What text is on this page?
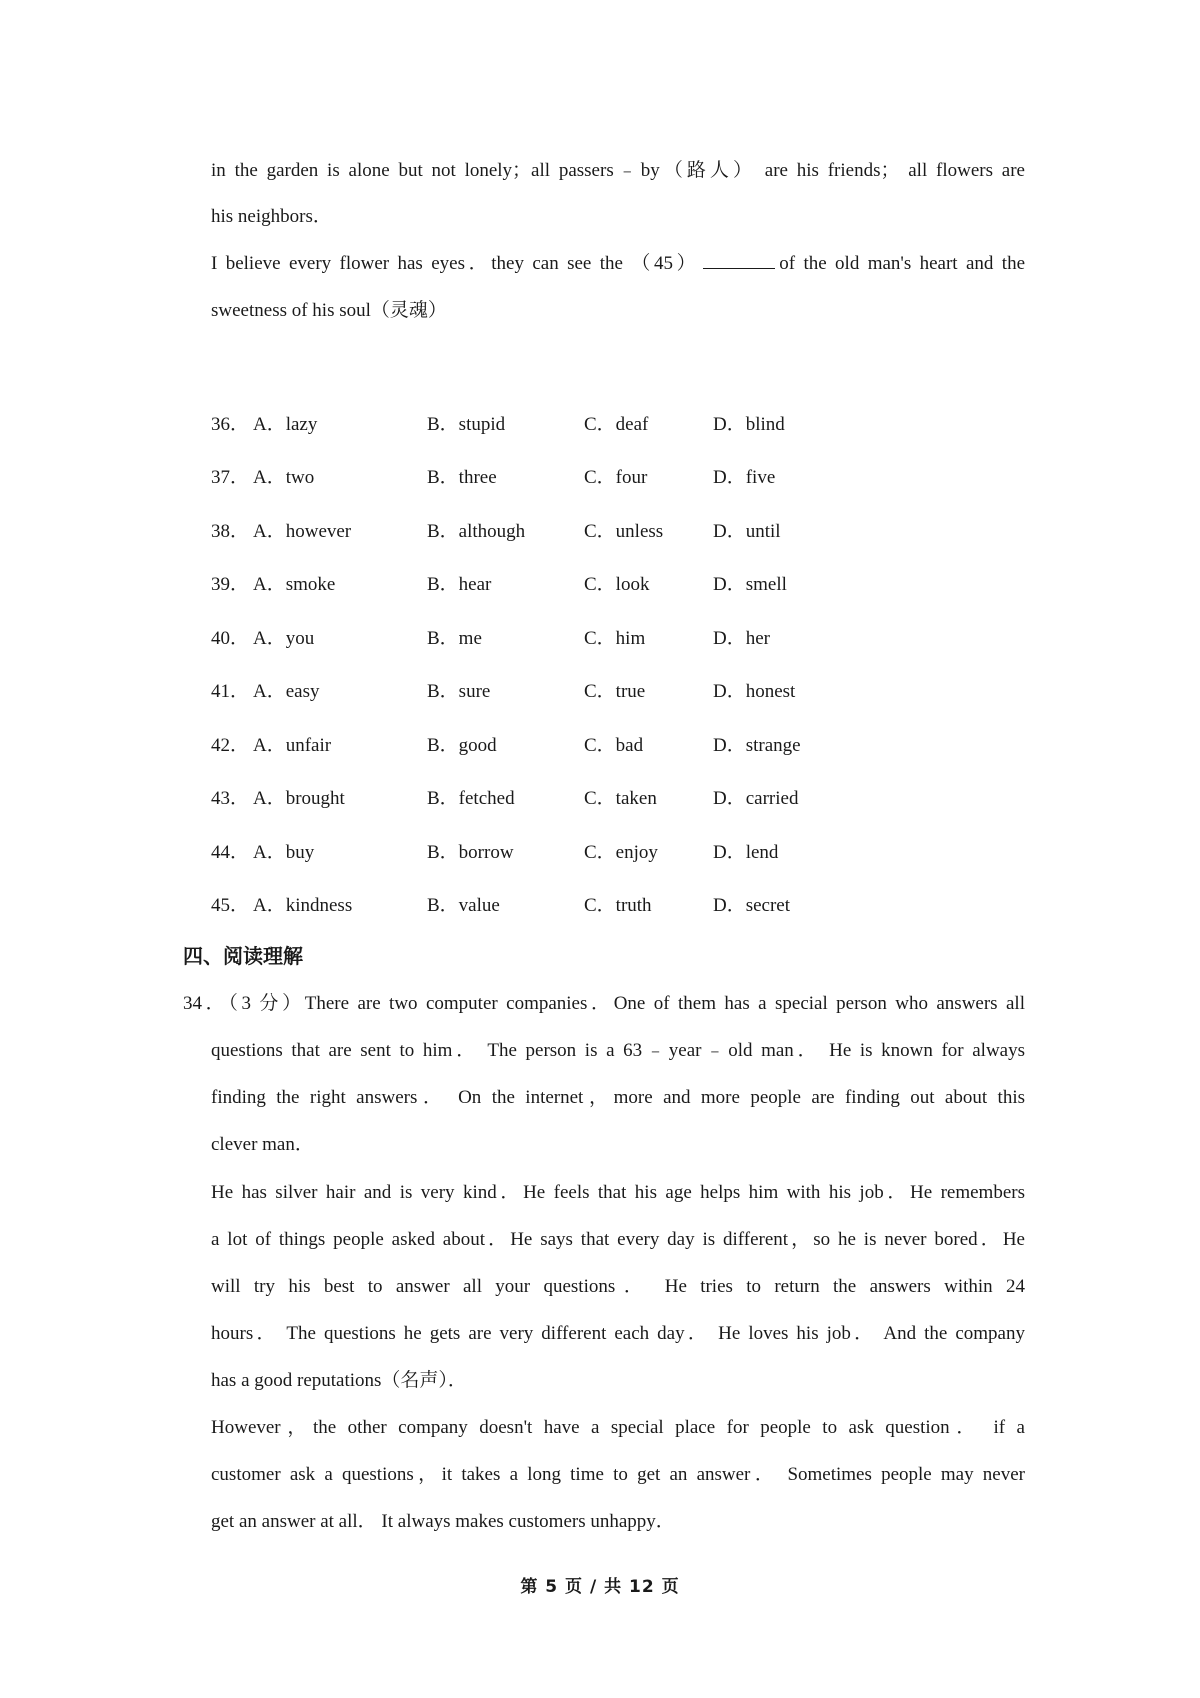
in the garden is alone but not lonely；all passers﹣by（路人） are his friends； all flowers are

his neighbors．

I believe every flower has eyes．they can see the （45）	of the old man's heart and the

sweetness of his soul（灵魂）

36． A．lazy	B．stupid	C．deaf	D．blind
37． A．two	B．three	C．four	D．five
38． A．however	B．although	C．unless	D．until
39． A．smoke	B．hear	C．look	D．smell
40． A．you	B．me	C．him	D．her
41． A．easy	B．sure	C．true	D．honest
42． A．unfair	B．good	C．bad	D．strange
43． A．brought	B．fetched	C．taken	D．carried
44． A．buy	B．borrow	C．enjoy	D．lend
45． A．kindness	B．value	C．truth	D．secret
四、阅读理解
34．（3 分）There are two computer companies．One of them has a special person who answers all

questions that are sent to him． The person is a 63﹣year﹣old man． He is known for always

finding the right answers． On the internet，more and more people are finding out about this

clever man．

He has silver hair and is very kind．He feels that his age helps him with his job．He remembers

a lot of things people asked about．He says that every day is different，so he is never bored．He

will try his best to answer all your questions． He tries to return the answers within 24

hours． The questions he gets are very different each day． He loves his job． And the company

has a good reputations（名声）．

However，the other company doesn't have a special place for people to ask question． if a

customer ask a questions，it takes a long time to get an answer． Sometimes people may never

get an answer at all． It always makes customers unhappy．

第 5 页 / 共 12 页
